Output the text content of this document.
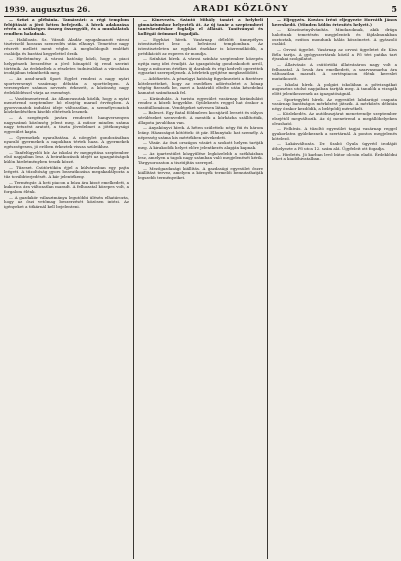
1939. augusztus 26.	ARADI KÖZLÖNY	5

— Szüzi a plébánia. Tamásvári: a régi templom felújítását a jövő héten befejezik. A hívek adakozása révén a szükséges összeg összegyűlt, és a munkálatok rendben haladnak.

— Halálozás. Sz. Váradi Aladár nyugalmazott városi tisztviselő hosszas szenvedés után elhunyt. Temetése nagy részvét mellett ment végbe. A megboldogult emlékét családja és barátai kegyelettel őrzik.

— Hirdetmény. A városi hatóság közli, hogy a piaci helypénzek beszedése a jövő hónaptól új rend szerint történik. Az érdekeltek a részletes tudnivalókat a városháza irodájában tekinthetik meg.

— Az arad-aradi Sport Egylet rendezi a nagy nyári sportversenyt vasárnap délután a sporttelepen. A versenyekre számos nevezés érkezett, a közönség nagy érdeklődéssel várja az eseményt.

— Vasútmenetrend. Az államvasutak közlik, hogy a nyári menetrend szeptember hó elsejéig marad érvényben. A gyorsvonatok indulási ideje változatlan, a személyvonatok közlekedésében kisebb eltérések lesznek.

— A szegények javára rendezett hangversenyen nagyszámú közönség jelent meg. A műsor minden száma nagy tetszést aratott, a tiszta jövedelmet a jótékonysági egyesület kapta.

— Gyermekek nyaraltatása. A nőegylet gondozásában nyaraló gyermekek a napokban tértek haza. A gyermekek egészségesen, jó erőben érkeztek vissza szüleikhez.

— Tanfelügyelői hír. Az iskolai év megnyitása szeptember első napjaiban lesz. A beiratkozások idejét az igazgatóságok külön hirdetményben teszik közzé.

— Tűzeset. Csütörtökön éjjel a külvárosban egy pajta leégett. A tűzoltóság gyors beavatkozása megakadályozta a tűz továbbterjedését. A kár jelentékeny.

— Terményár. A heti piacon a búza ára kissé emelkedett, a kukorica ára változatlan maradt. A felhozatal közepes volt, a forgalom élénk.

— A gazdakör választmánya legutóbbi ülésén elhatározta, hogy az őszi vetőmag beszerzését közösen intézi. Az igényeket a titkárnál kell bejelenteni.

— Kinevezés. Szántó Mihály tanárt a helybeli gimnáziumhoz helyezték át. Az új tanár a szeptemberi tanévkezdéskor foglalja el állását. Tanítványai és kollégái örömmel fogadják.

— Egyházi hírek. Vasárnap délelőtt ünnepélyes istentisztelet lesz a belvárosi templomban. Az istentiszteleten az egyházi énekkar is közreműködik, a prédikációt az esperes úr mondja.

— Színházi hírek. A városi színház szeptember közepén nyitja meg idei évadját. Az igazgatóság gondoskodott arról, hogy a műsoron értékes új darabok és régi kedvelt operettek egyaránt szerepeljenek. A bérletek gyűjtése megkezdődött.

— Adófizetés. A pénzügyi hatóság figyelmezteti a fizetésre kötelezetteket, hogy az esedékes adórészletet a hónap végéig fizessék be, mert a határidő eltelte után késedelmi kamatot számítanak fel.

— Kirándulás. A turista egyesület vasárnap kirándulást rendez a közeli hegyekbe. Gyülekezés reggel hat órakor a vasútállomáson. Vendégeket szívesen látnak.

— Baleset. Egy fiatal földműves kocsijáról leesett és súlyos sérüléseket szenvedett. A mentők a kórházba szállították, állapota javulóban van.

— Anyakönyvi hírek. A héten születtek: négy fiú és három leány. Házasságot kötöttek: öt pár. Elhunytak: hat személy. A népesség száma kis mértékben növekedett.

— Vásár. Az őszi országos vásárt a szokott helyen tartják meg. A kirakodók helyet előre jelentkezés alapján kapnak.

— Az ipartestület közgyűlése legközelebb a székházban lesz, amelyen a tagok nagy számban való megjelenését kérik. Tárgysorozaton a tisztújítás szerepel.

— Mezőgazdasági kiállítás. A gazdasági egyesület őszre kiállítást tervez, amelyen a környék termelői bemutathatják legszebb terményeiket.

— Eljegyzés. Kovács Irént eljegyezte Horváth János kereskedő. (Minden külön értesítés helyett.)

— Köszönetnyilvánítás. Mindazoknak, akik drága halottunk temetésén megjelentek és fájdalmunkban osztoztak, ezúton mondunk hálás köszönetet. A gyászoló család.

— Orvosi ügyelet. Vasárnap az orvosi ügyeletet dr. Kiss Béla tartja. A gyógyszertárak közül a Fő téri patika tart éjszakai szolgálatot.

— Állatvásár. A csütörtöki állatvásáron nagy volt a felhozatal. A lovak ára emelkedett, a szarvasmarha ára változatlan maradt. A sertéspiacon élénk kereslet mutatkozott.

— Iskolai hírek. A polgári iskolában a pótvizsgákat augusztus utolsó napjaiban tartják meg. A tanulók a vizsgák előtt jelentkezzenek az igazgatóságnál.

— Sportegyleti hírek. Az egyesület labdarúgó csapata vasárnap barátságos mérkőzést játszik. A mérkőzés délután négy órakor kezdődik, a belépődíj mérsékelt.

— Közlekedés. Az autóbuszjárat menetrendje szeptember elsejétől megváltozik. Az új menetrend a megállóhelyeken olvasható.

— Felhívás. A tűzoltó egyesület tagjai vasárnap reggel gyakorlatra gyülekeznek a szertárnál. A pontos megjelenés kötelező.

— Lakásváltozás. Dr. Szabó Gyula ügyvéd irodáját áthelyezte a Fő utca 12. szám alá. Ügyfeleit ott fogadja.

— Hirdetés. Jó karban levő bútor olcsón eladó. Érdeklődni lehet a kiadóhivatalban.
